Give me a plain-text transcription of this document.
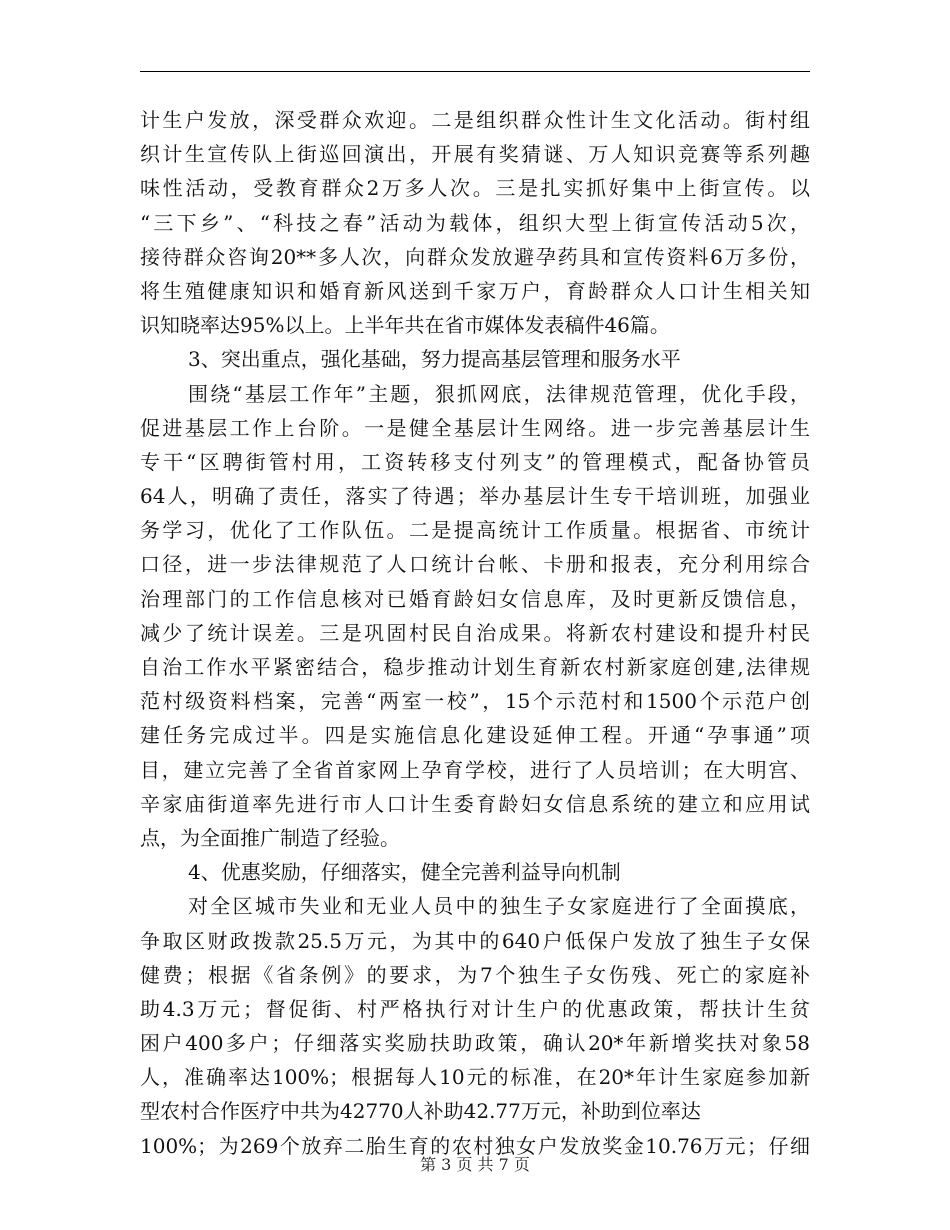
计生户发放，深受群众欢迎。二是组织群众性计生文化活动。街村组
织计生宣传队上街巡回演出，开展有奖猜谜、万人知识竞赛等系列趣
味性活动，受教育群众2万多人次。三是扎实抓好集中上街宣传。以
“三下乡”、“科技之春”活动为载体，组织大型上街宣传活动5次，
接待群众咨询20**多人次，向群众发放避孕药具和宣传资料6万多份，
将生殖健康知识和婚育新风送到千家万户，育龄群众人口计生相关知
识知晓率达95%以上。上半年共在省市媒体发表稿件46篇。
3、突出重点，强化基础，努力提高基层管理和服务水平
围绕“基层工作年”主题，狠抓网底，法律规范管理，优化手段，
促进基层工作上台阶。一是健全基层计生网络。进一步完善基层计生
专干“区聘街管村用，工资转移支付列支”的管理模式，配备协管员
64人，明确了责任，落实了待遇；举办基层计生专干培训班，加强业
务学习，优化了工作队伍。二是提高统计工作质量。根据省、市统计
口径，进一步法律规范了人口统计台帐、卡册和报表，充分利用综合
治理部门的工作信息核对已婚育龄妇女信息库，及时更新反馈信息，
减少了统计误差。三是巩固村民自治成果。将新农村建设和提升村民
自治工作水平紧密结合，稳步推动计划生育新农村新家庭创建,法律规
范村级资料档案，完善“两室一校”，15个示范村和1500个示范户创
建任务完成过半。四是实施信息化建设延伸工程。开通“孕事通”项
目，建立完善了全省首家网上孕育学校，进行了人员培训；在大明宫、
辛家庙街道率先进行市人口计生委育龄妇女信息系统的建立和应用试
点，为全面推广制造了经验。
4、优惠奖励，仔细落实，健全完善利益导向机制
对全区城市失业和无业人员中的独生子女家庭进行了全面摸底，
争取区财政拨款25.5万元，为其中的640户低保户发放了独生子女保
健费；根据《省条例》的要求，为7个独生子女伤残、死亡的家庭补
助4.3万元；督促街、村严格执行对计生户的优惠政策，帮扶计生贫
困户400多户；仔细落实奖励扶助政策，确认20*年新增奖扶对象58
人，准确率达100%；根据每人10元的标准，在20*年计生家庭参加新
型农村合作医疗中共为42770人补助42.77万元，补助到位率达
100%；为269个放弃二胎生育的农村独女户发放奖金10.76万元；仔细
第 3 页 共 7 页
